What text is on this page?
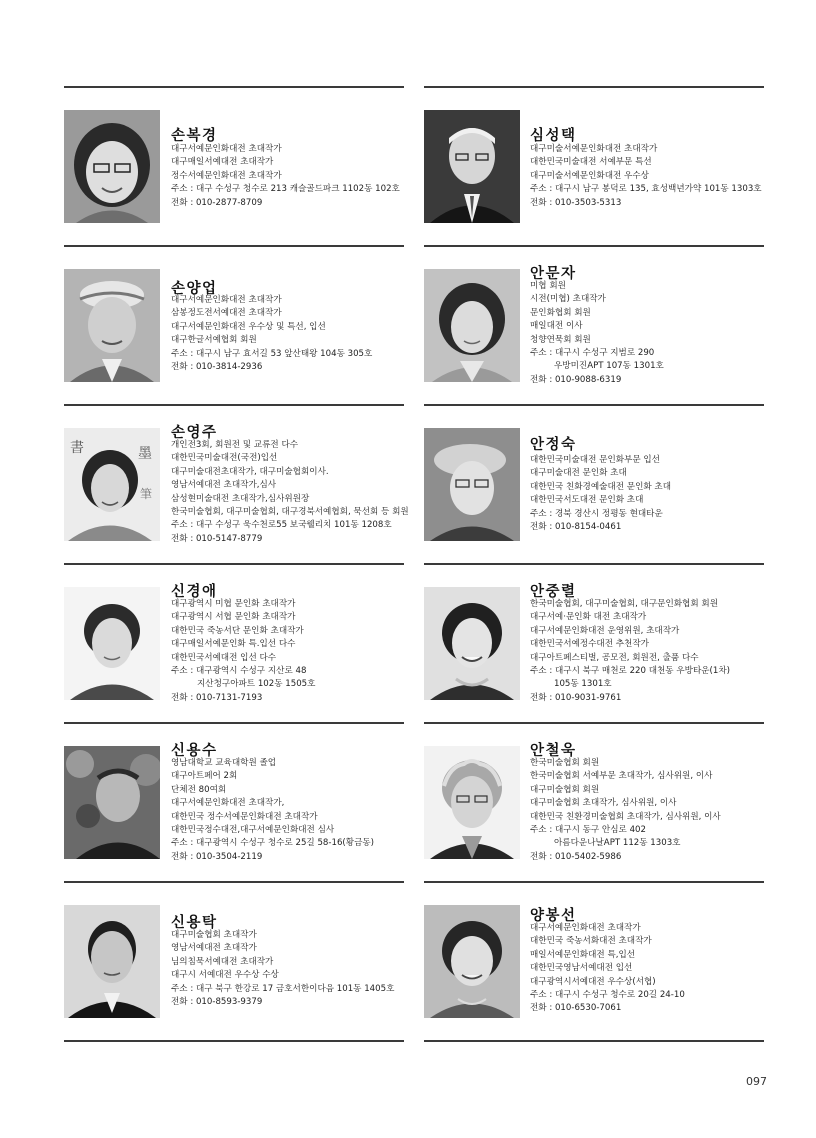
손복경
대구서예문인화대전 초대작가
대구매일서예대전 초대작가
정수서예문인화대전 초대작가
주소 : 대구 수성구 청수로 213 캐슬골드파크 1102동 102호
전화 : 010-2877-8709
심성택
대구미술서예문인화대전 초대작가
대한민국미술대전 서예부문 특선
대구미술서예문인화대전 우수상
주소 : 대구시 남구 봉덕로 135, 효성백년가약 101동 1303호
전화 : 010-3503-5313
손양업
대구서예문인화대전 초대작가
삼봉정도전서예대전 초대작가
대구서예문인화대전 우수상 및 특선, 입선
대구한글서예협회 회원
주소 : 대구시 남구 효서길 53 앞산태왕 104동 305호
전화 : 010-3814-2936
안문자
미협 회원
시전(미협) 초대작가
문인화협회 회원
매일대전 이사
청향연묵회 회원
주소 : 대구시 수성구 지범로 290
우방미진APT 107동 1301호
전화 : 010-9088-6319
書	墨
筆
손영주
개인전3회, 회원전 및 교류전 다수
대한민국미술대전(국전)입선
대구미술대전초대작가, 대구미술협회이사.
영남서예대전 초대작가,심사
삼성현미술대전 초대작가,심사위원장
한국미술협회, 대구미술협회, 대구경북서예협회, 묵선회 등 회원
주소 : 대구 수성구 욱수천로55 보국웰리치 101동 1208호
전화 : 010-5147-8779
안정숙
대한민국미술대전 문인화부문 입선
대구미술대전 문인화 초대
대한민국 친화경예술대전 문인화 초대
대한민국서도대전 문인화 초대
주소 : 경북 경산시 정평동 현대타운
전화 : 010-8154-0461
신경애
대구광역시 미협 문인화 초대작가
대구광역시 서협 문인화 초대작가
대한민국 죽농서단 문인화 초대작가
대구매일서예문인화 특.입선 다수
대한민국서예대전 입선 다수
주소 : 대구광역시 수성구 지산로 48
지산청구아파트 102동 1505호
전화 : 010-7131-7193
안중렬
한국미술협회, 대구미술협회, 대구문인화협회 회원
대구서예·문인화 대전 초대작가
대구서예문인화대전 운영위원, 초대작가
대한민국서예정수대전 추천작가
대구아트페스티벌, 공모전, 회원전, 출품 다수
주소 : 대구시 북구 매천로 220 대천동 우방타운(1차)
105동 1301호
전화 : 010-9031-9761
신용수
영남대학교 교육대학원 졸업
대구아트페어 2회
단체전 80여회
대구서예문인화대전 초대작가,
대한민국 정수서예문인화대전 초대작가
대한민국정수대전,대구서예문인화대전 심사
주소 : 대구광역시 수성구 청수로 25길 58-16(황금동)
전화 : 010-3504-2119
안철욱
한국미술협회 회원
한국미술협회 서예부문 초대작가, 심사위원, 이사
대구미술협회 회원
대구미술협회 초대작가, 심사위원, 이사
대한민국 친환경미술협회 초대작가, 심사위원, 이사
주소 : 대구시 동구 안심로 402
아름다운나날APT 112동 1303호
전화 : 010-5402-5986
신용탁
대구미술협회 초대작가
영남서예대전 초대작가
님의침묵서예대전 초대작가
대구시 서예대전 우수상 수상
주소 : 대구 북구 한강로 17 금호서한이다음 101동 1405호
전화 : 010-8593-9379
양봉선
대구서예문인화대전 초대작가
대한민국 죽농서화대전 초대작가
매일서예문인화대전 특,입선
대한민국영남서예대전 입선
대구광역시서예대전 우수상(서협)
주소 : 대구시 수성구 청수로 20길 24-10
전화 : 010-6530-7061
097
